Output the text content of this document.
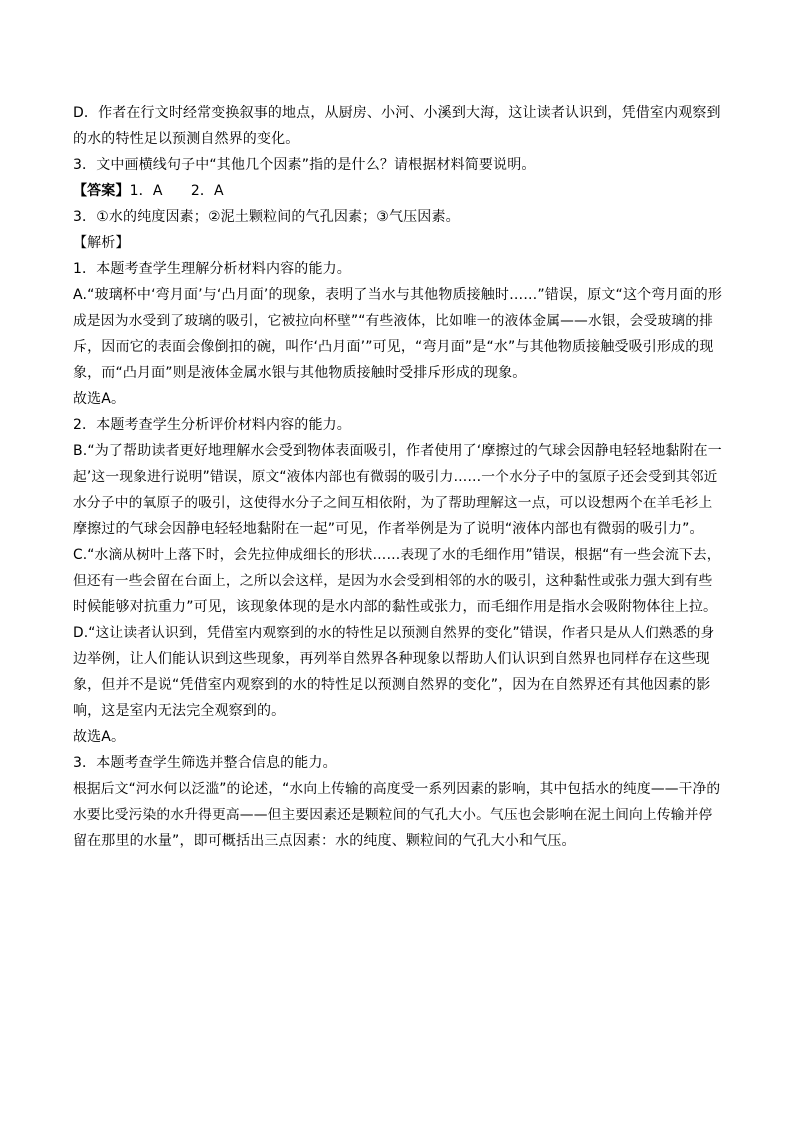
D．作者在行文时经常变换叙事的地点，从厨房、小河、小溪到大海，这让读者认识到，凭借室内观察到
的水的特性足以预测自然界的变化。
3．文中画横线句子中“其他几个因素”指的是什么？请根据材料简要说明。
【答案】1．A　　2．A
3．①水的纯度因素；②泥土颗粒间的气孔因素；③气压因素。
【解析】
1．本题考查学生理解分析材料内容的能力。
A.“玻璃杯中‘弯月面’与‘凸月面’的现象，表明了当水与其他物质接触时……”错误，原文“这个弯月面的形
成是因为水受到了玻璃的吸引，它被拉向杯壁”“有些液体，比如唯一的液体金属——水银，会受玻璃的排
斥，因而它的表面会像倒扣的碗，叫作‘凸月面’”可见，“弯月面”是“水”与其他物质接触受吸引形成的现
象，而“凸月面”则是液体金属水银与其他物质接触时受排斥形成的现象。
故选A。
2．本题考查学生分析评价材料内容的能力。
B.“为了帮助读者更好地理解水会受到物体表面吸引，作者使用了‘摩擦过的气球会因静电轻轻地黏附在一
起’这一现象进行说明”错误，原文“液体内部也有微弱的吸引力……一个水分子中的氢原子还会受到其邻近
水分子中的氧原子的吸引，这使得水分子之间互相依附，为了帮助理解这一点，可以设想两个在羊毛衫上
摩擦过的气球会因静电轻轻地黏附在一起”可见，作者举例是为了说明“液体内部也有微弱的吸引力”。
C.“水滴从树叶上落下时，会先拉伸成细长的形状……表现了水的毛细作用”错误，根据“有一些会流下去，
但还有一些会留在台面上，之所以会这样，是因为水会受到相邻的水的吸引，这种黏性或张力强大到有些
时候能够对抗重力”可见，该现象体现的是水内部的黏性或张力，而毛细作用是指水会吸附物体往上拉。
D.“这让读者认识到，凭借室内观察到的水的特性足以预测自然界的变化”错误，作者只是从人们熟悉的身
边举例，让人们能认识到这些现象，再列举自然界各种现象以帮助人们认识到自然界也同样存在这些现
象，但并不是说“凭借室内观察到的水的特性足以预测自然界的变化”，因为在自然界还有其他因素的影
响，这是室内无法完全观察到的。
故选A。
3．本题考查学生筛选并整合信息的能力。
根据后文“河水何以泛滥”的论述，“水向上传输的高度受一系列因素的影响，其中包括水的纯度——干净的
水要比受污染的水升得更高——但主要因素还是颗粒间的气孔大小。气压也会影响在泥土间向上传输并停
留在那里的水量”，即可概括出三点因素：水的纯度、颗粒间的气孔大小和气压。
